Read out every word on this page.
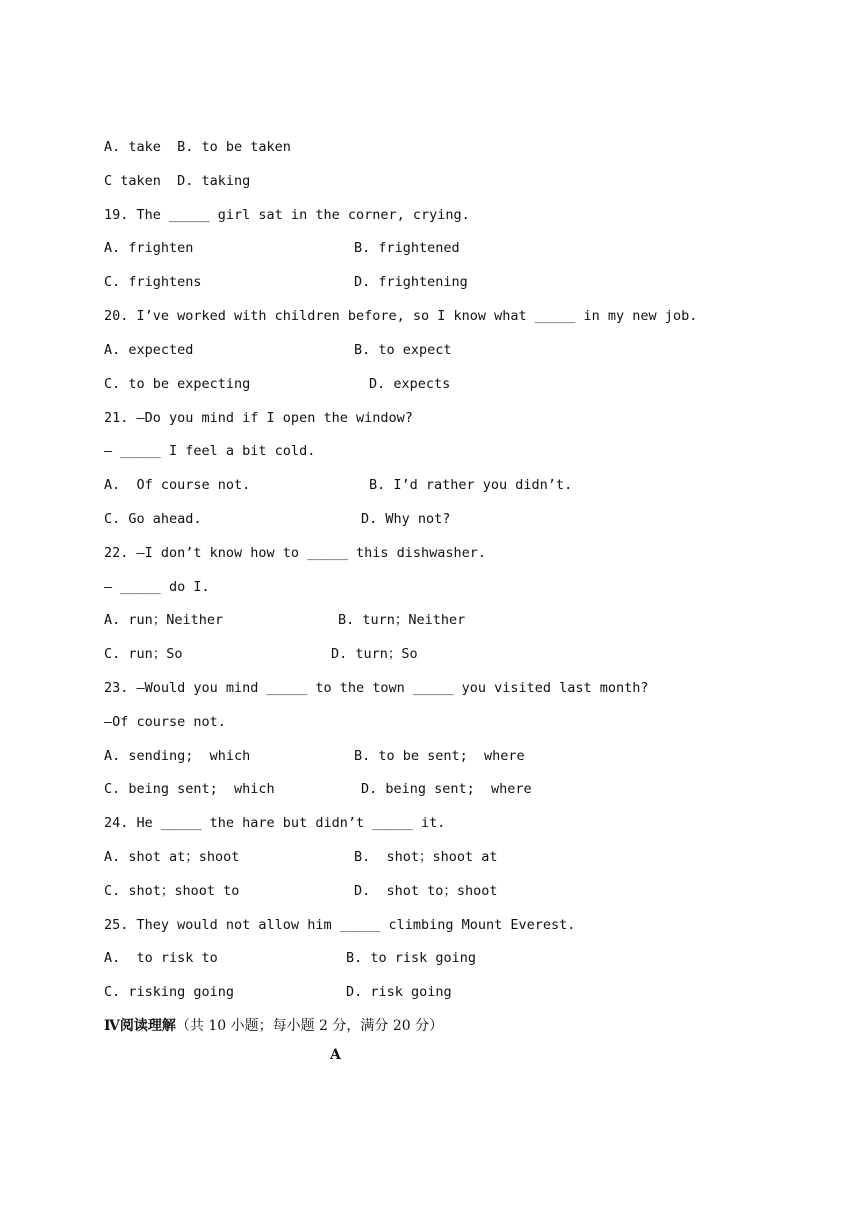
A. take  B. to be taken
C taken  D. taking
19. The _____ girl sat in the corner, crying.
A. frighten	B. frightened
C. frightens	D. frightening
20. I’ve worked with children before, so I know what _____ in my new job.
A. expected	B. to expect
C. to be expecting	D. expects
21. —Do you mind if I open the window?
— _____ I feel a bit cold.
A.  Of course not.	B. I’d rather you didn’t.
C. Go ahead.	D. Why not?
22. —I don’t know how to _____ this dishwasher.
— _____ do I.
A. run；Neither	B. turn；Neither
C. run；So	D. turn；So
23. —Would you mind _____ to the town _____ you visited last month?
—Of course not.
A. sending;  which	B. to be sent;  where
C. being sent;  which	D. being sent;  where
24. He _____ the hare but didn’t _____ it.
A. shot at；shoot	B.  shot；shoot at
C. shot；shoot to	D.  shot to；shoot
25. They would not allow him _____ climbing Mount Everest.
A.  to risk to	B. to risk going
C. risking going	D. risk going
Ⅳ阅读理解（共 10 小题；每小题 2 分，满分 20 分）
A
